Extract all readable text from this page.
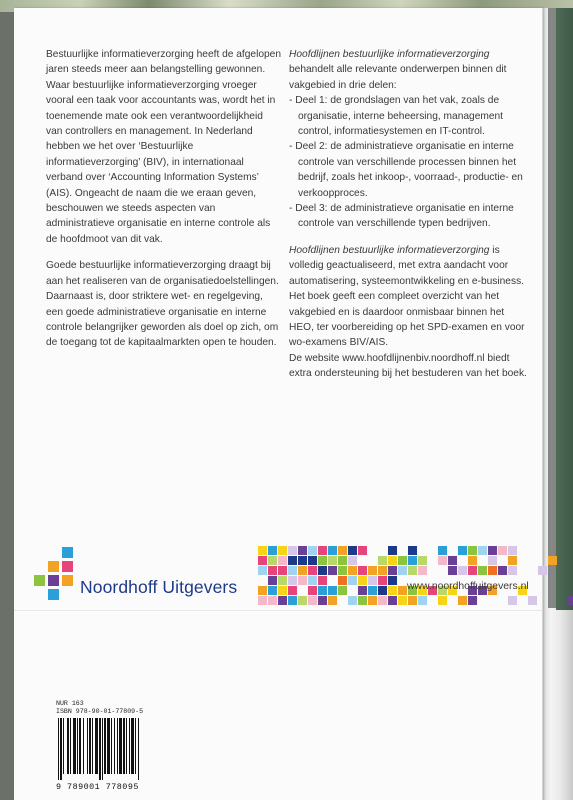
Bestuurlijke informatieverzorging heeft de afgelopen jaren steeds meer aan belangstelling gewonnen. Waar bestuurlijke informatieverzorging vroeger vooral een taak voor accountants was, wordt het in toenemende mate ook een verantwoordelijkheid van controllers en management. In Nederland hebben we het over ‘Bestuurlijke informatieverzorging’ (BIV), in internationaal verband over ‘Accounting Information Systems’ (AIS). Ongeacht de naam die we eraan geven, beschouwen we steeds aspecten van administratieve organisatie en interne controle als de hoofdmoot van dit vak.

Goede bestuurlijke informatieverzorging draagt bij aan het realiseren van de organisatiedoelstellingen. Daarnaast is, door striktere wet- en regelgeving, een goede administratieve organisatie en interne controle belangrijker geworden als doel op zich, om de toegang tot de kapitaalmarkten open te houden.

Hoofdlijnen bestuurlijke informatieverzorging behandelt alle relevante onderwerpen binnen dit vakgebied in drie delen:

- Deel 1: de grondslagen van het vak, zoals de organisatie, interne beheersing, management control, informatiesystemen en IT-control.
- Deel 2: de administratieve organisatie en interne controle van verschillende processen binnen het bedrijf, zoals het inkoop-, voorraad-, productie- en verkoopproces.
- Deel 3: de administratieve organisatie en interne controle van verschillende typen bedrijven.

Hoofdlijnen bestuurlijke informatieverzorging is volledig geactualiseerd, met extra aandacht voor automatisering, systeemontwikkeling en e-business. Het boek geeft een compleet overzicht van het vakgebied en is daardoor onmisbaar binnen het HEO, ter voorbereiding op het SPD-examen en voor wo-examens BIV/AIS.

De website www.hoofdlijnenbiv.noordhoff.nl biedt extra ondersteuning bij het bestuderen van het boek.

Noordhoff Uitgevers	www.noordhoffuitgevers.nl
NUR 163
ISBN 978-90-01-77809-5
9 789001 778095
